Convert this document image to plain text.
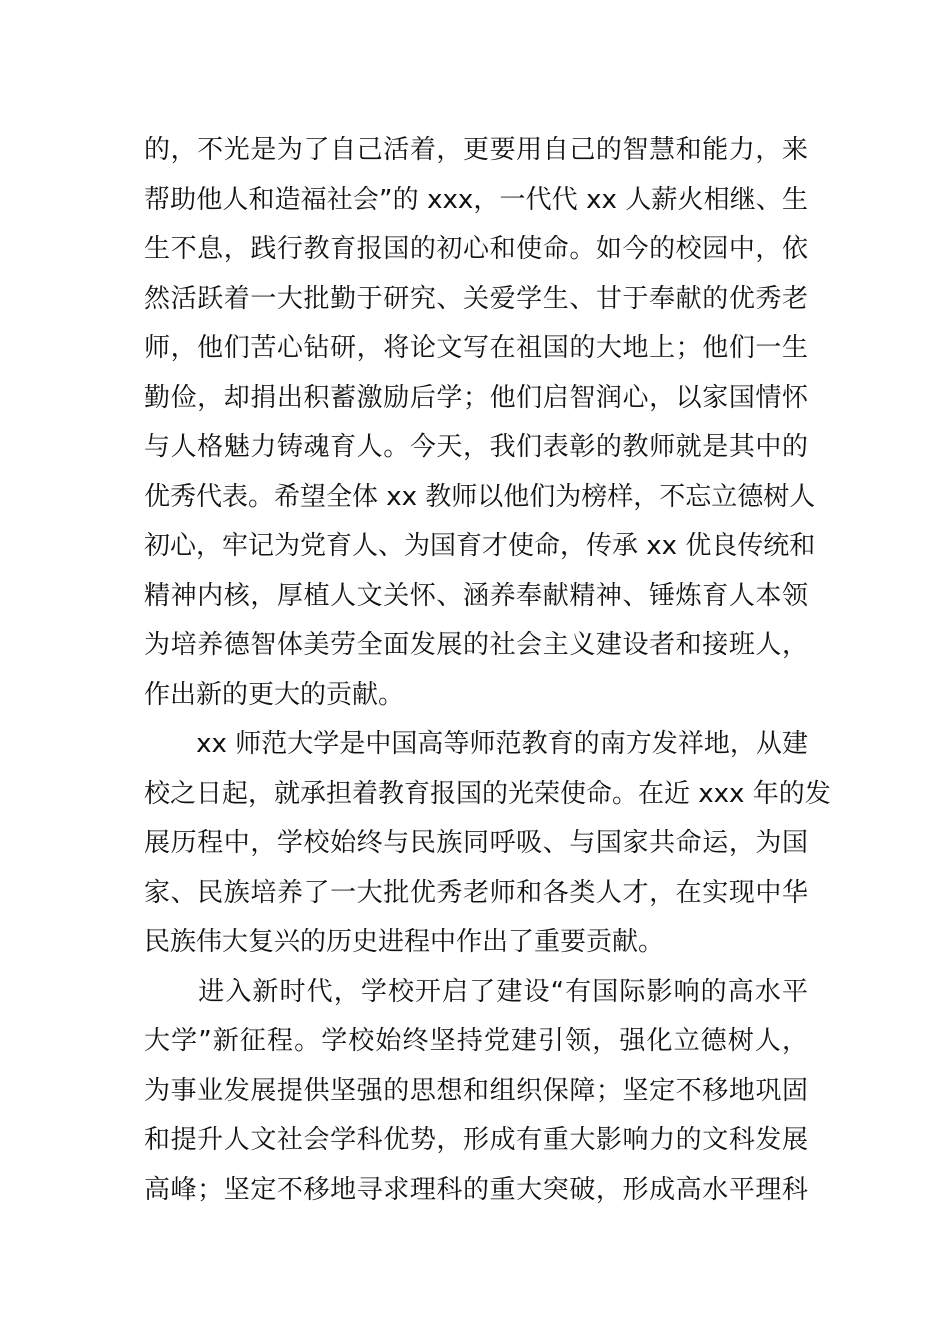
的，不光是为了自己活着，更要用自己的智慧和能力，来
帮助他人和造福社会”的 xxx，一代代 xx 人薪火相继、生
生不息，践行教育报国的初心和使命。如今的校园中，依
然活跃着一大批勤于研究、关爱学生、甘于奉献的优秀老
师，他们苦心钻研，将论文写在祖国的大地上；他们一生
勤俭，却捐出积蓄激励后学；他们启智润心，以家国情怀
与人格魅力铸魂育人。今天，我们表彰的教师就是其中的
优秀代表。希望全体 xx 教师以他们为榜样，不忘立德树人
初心，牢记为党育人、为国育才使命，传承 xx 优良传统和
精神内核，厚植人文关怀、涵养奉献精神、锤炼育人本领
为培养德智体美劳全面发展的社会主义建设者和接班人，
作出新的更大的贡献。
　　xx 师范大学是中国高等师范教育的南方发祥地，从建
校之日起，就承担着教育报国的光荣使命。在近 xxx 年的发
展历程中，学校始终与民族同呼吸、与国家共命运，为国
家、民族培养了一大批优秀老师和各类人才，在实现中华
民族伟大复兴的历史进程中作出了重要贡献。
　　进入新时代，学校开启了建设“有国际影响的高水平
大学”新征程。学校始终坚持党建引领，强化立德树人，
为事业发展提供坚强的思想和组织保障；坚定不移地巩固
和提升人文社会学科优势，形成有重大影响力的文科发展
高峰；坚定不移地寻求理科的重大突破，形成高水平理科
